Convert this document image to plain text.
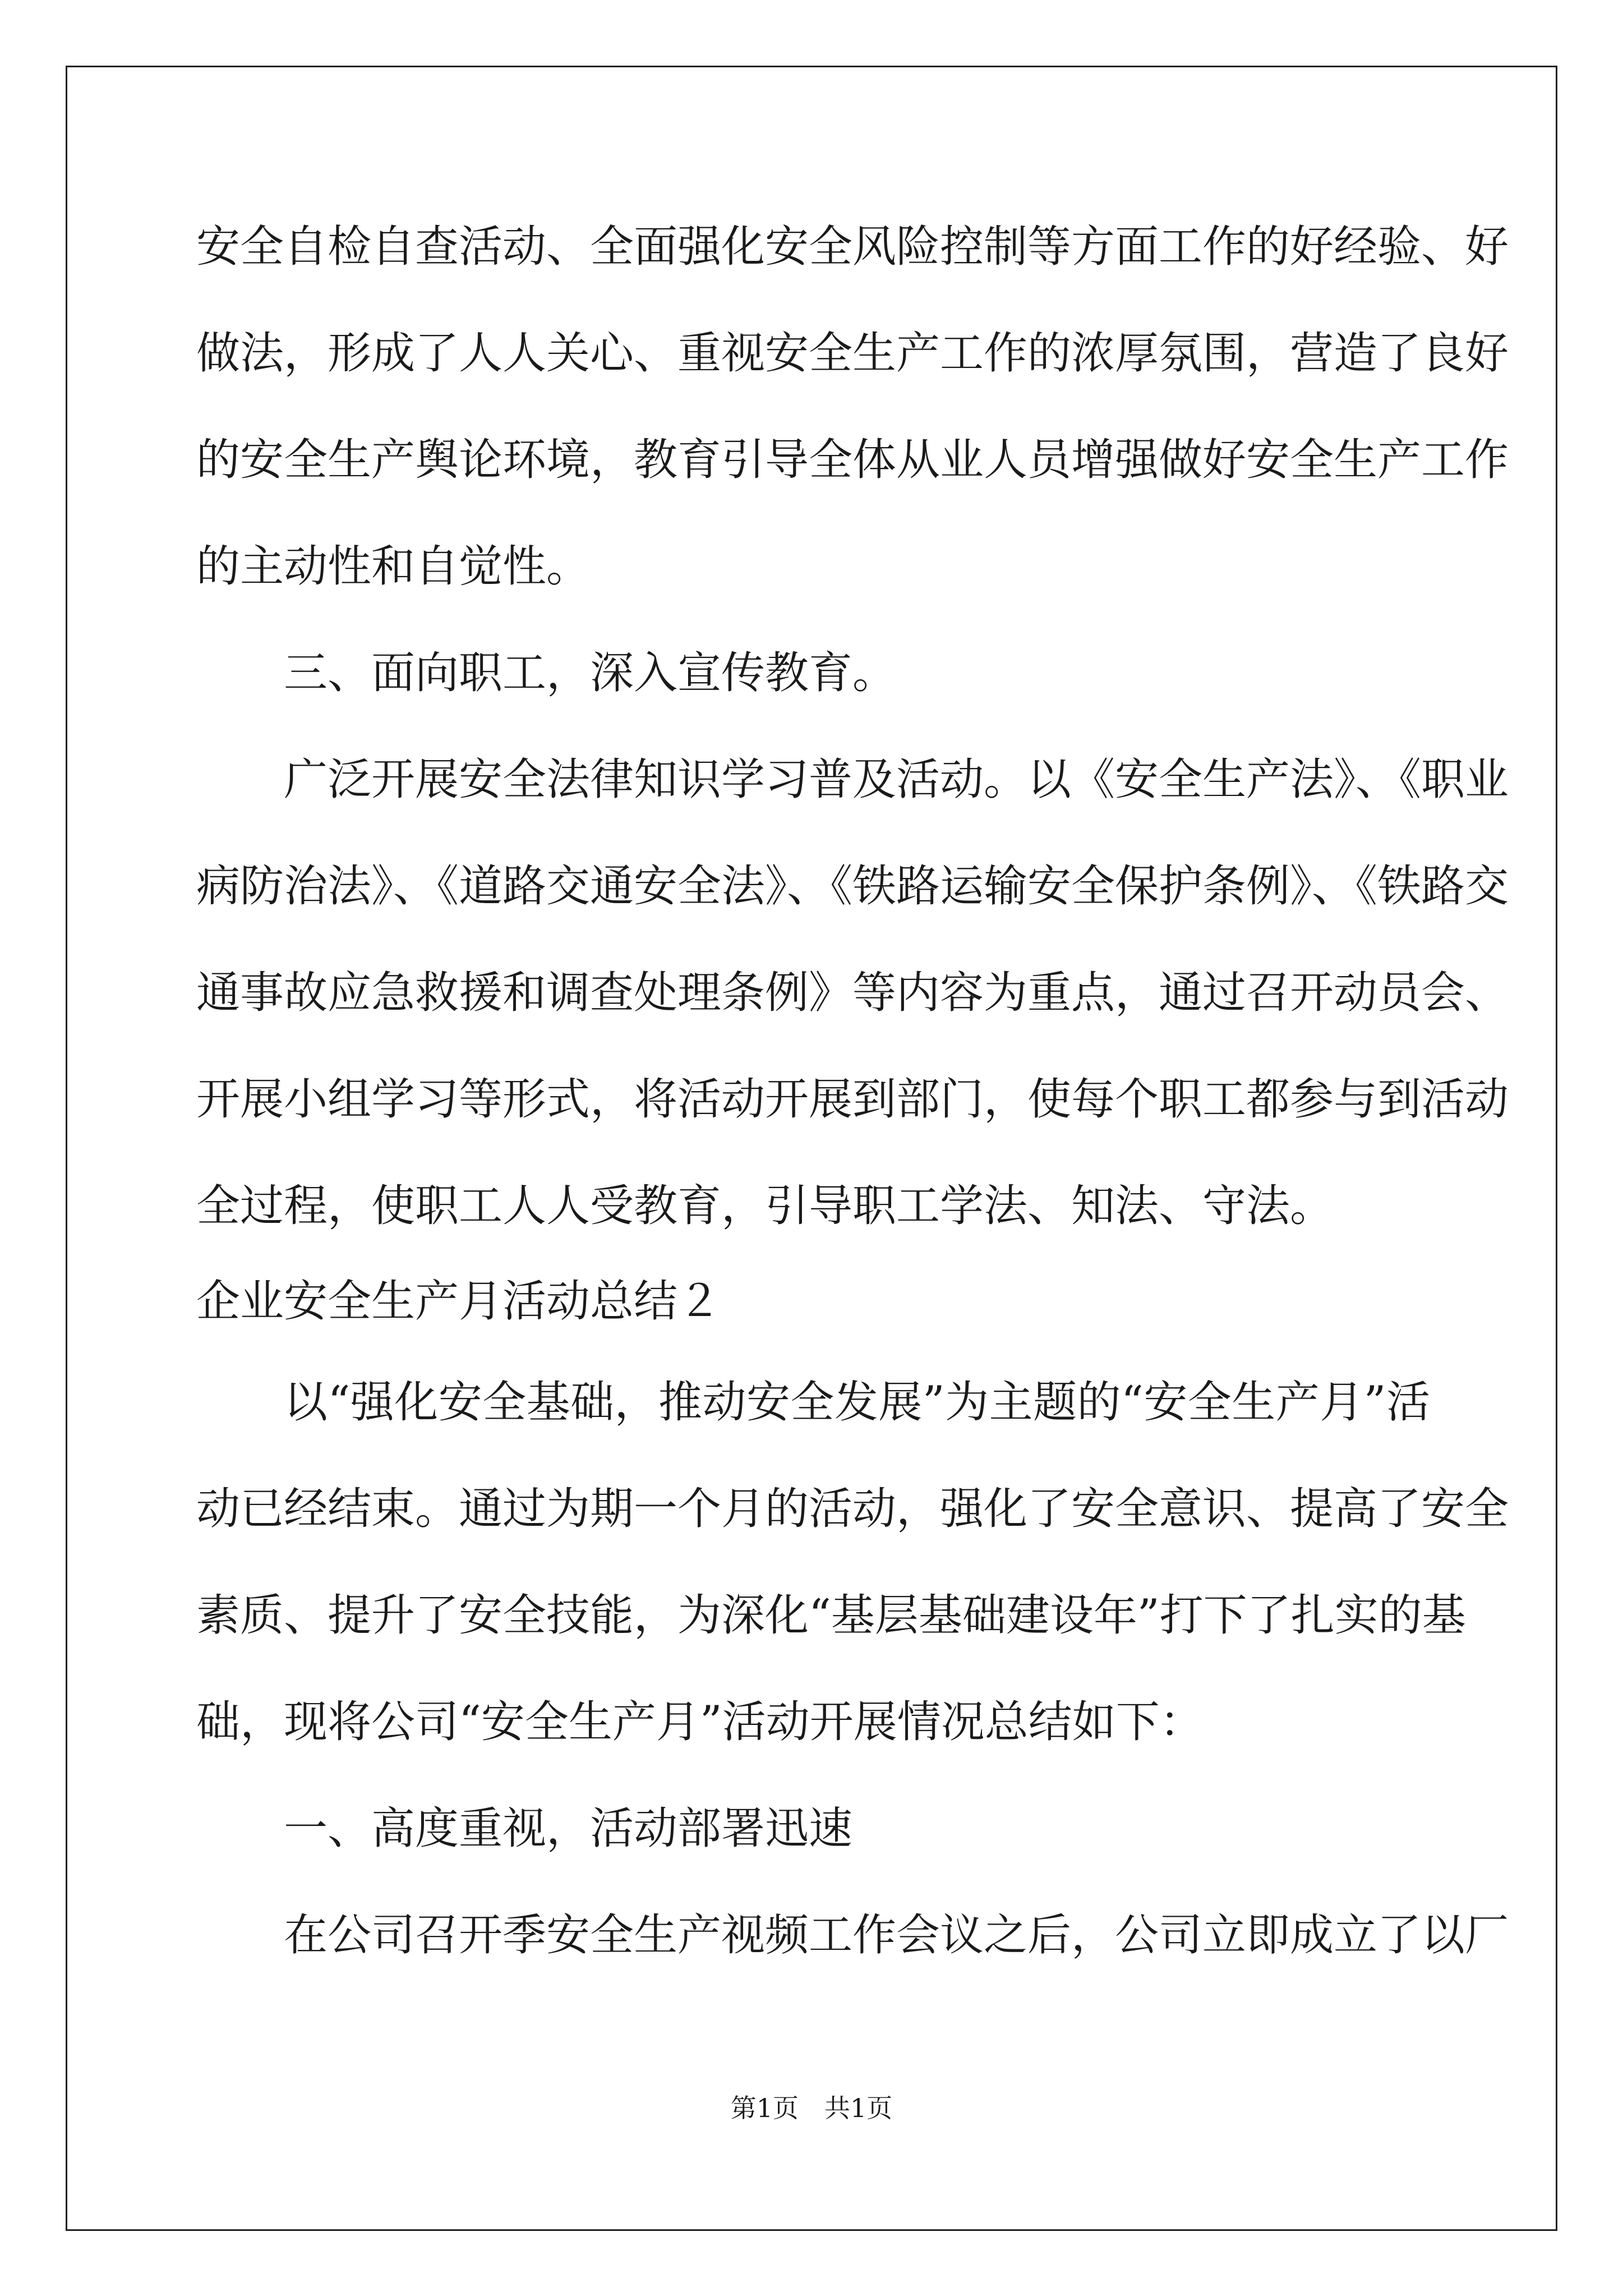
安全自检自查活动、全面强化安全风险控制等方面工作的好经验、好
做法，形成了人人关心、重视安全生产工作的浓厚氛围，营造了良好
的安全生产舆论环境，教育引导全体从业人员增强做好安全生产工作
的主动性和自觉性。
三、面向职工，深入宣传教育。
广泛开展安全法律知识学习普及活动。以《安全生产法》、《职业
病防治法》、《道路交通安全法》、《铁路运输安全保护条例》、《铁路交
通事故应急救援和调查处理条例》等内容为重点，通过召开动员会、
开展小组学习等形式，将活动开展到部门，使每个职工都参与到活动
全过程，使职工人人受教育，引导职工学法、知法、守法。
企业安全生产月活动总结２
以“强化安全基础，推动安全发展”为主题的“安全生产月”活
动已经结束。通过为期一个月的活动，强化了安全意识、提高了安全
素质、提升了安全技能，为深化“基层基础建设年”打下了扎实的基
础，现将公司“安全生产月”活动开展情况总结如下：
一、高度重视，活动部署迅速
在公司召开季安全生产视频工作会议之后，公司立即成立了以厂
第1页　共1页
